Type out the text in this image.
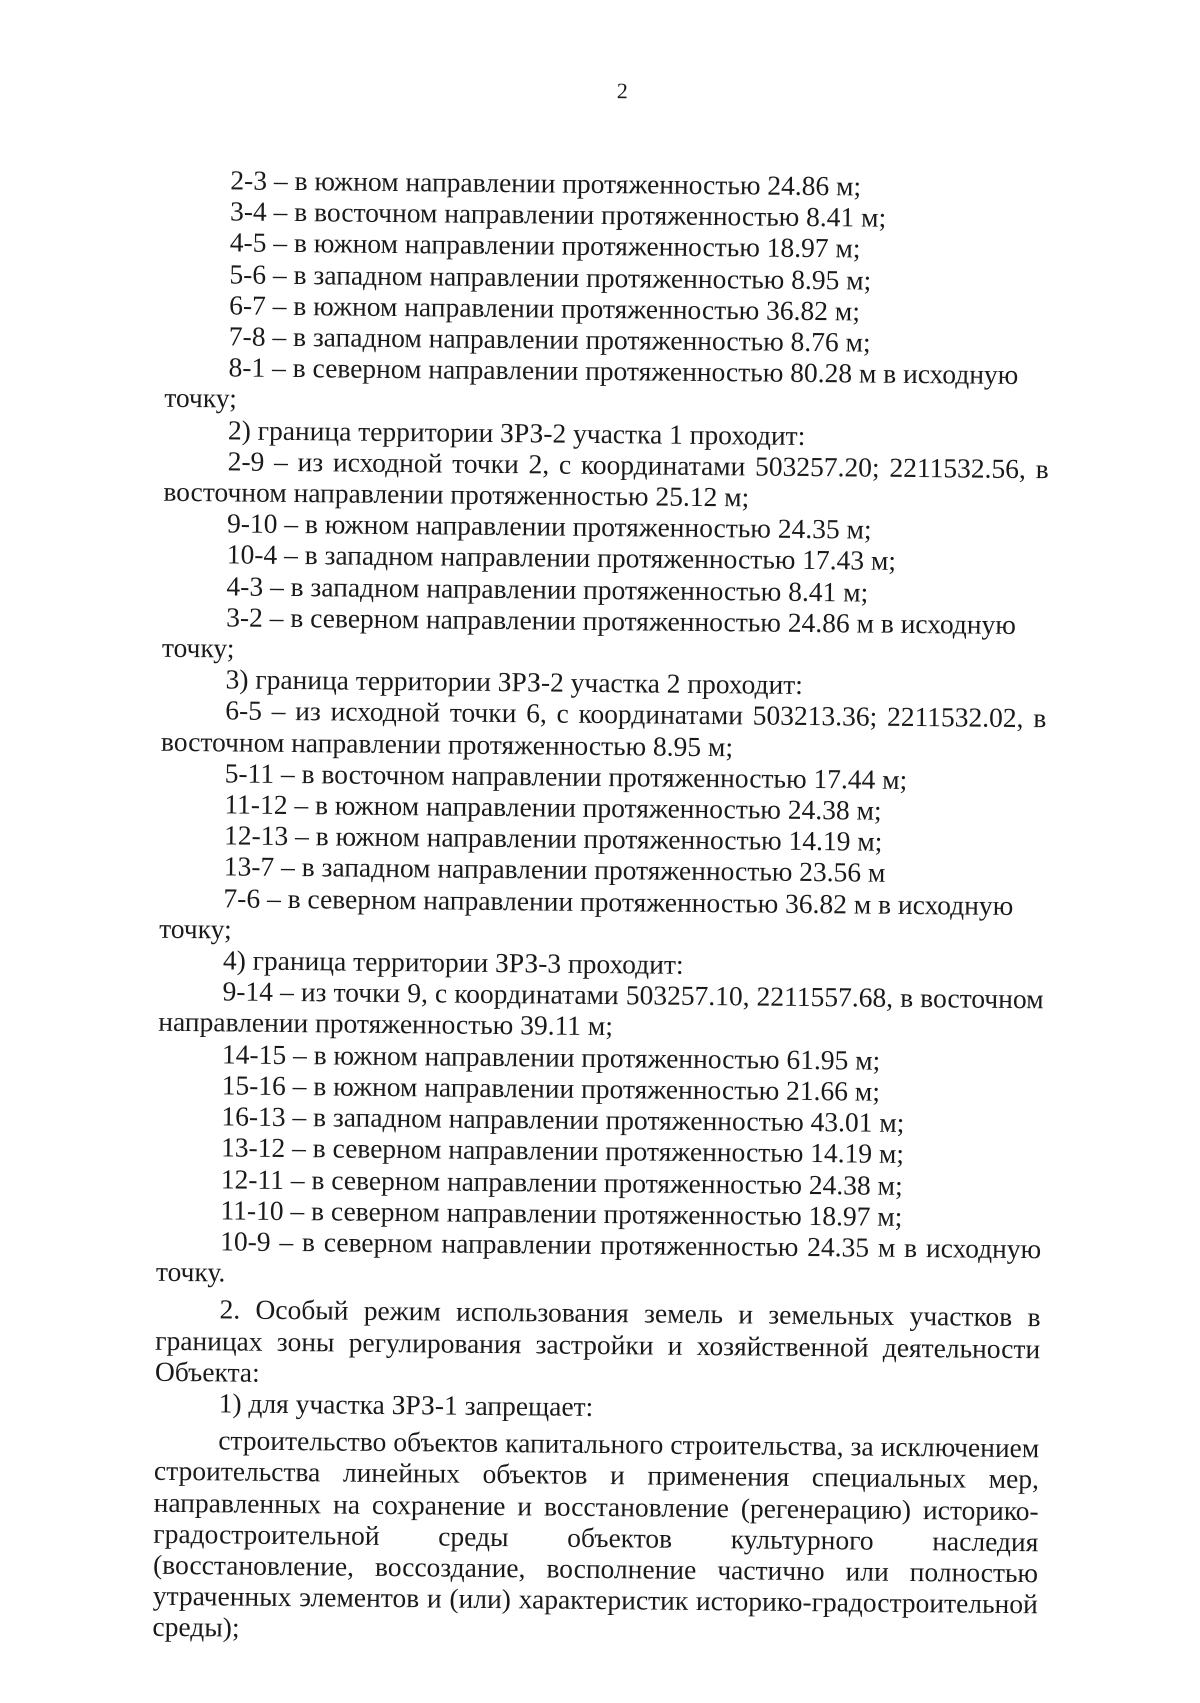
2

2-3 – в южном направлении протяженностью 24.86 м;

3-4 – в восточном направлении протяженностью 8.41 м;

4-5 – в южном направлении протяженностью 18.97 м;

5-6 – в западном направлении протяженностью 8.95 м;

6-7 – в южном направлении протяженностью 36.82 м;

7-8 – в западном направлении протяженностью 8.76 м;

8-1 – в северном направлении протяженностью 80.28 м в исходную точку;

2) граница территории ЗРЗ-2 участка 1 проходит:

2-9 – из исходной точки 2, с координатами 503257.20; 2211532.56, в восточном направлении протяженностью 25.12 м;

9-10 – в южном направлении протяженностью 24.35 м;

10-4 – в западном направлении протяженностью 17.43 м;

4-3 – в западном направлении протяженностью 8.41 м;

3-2 – в северном направлении протяженностью 24.86 м в исходную точку;

3) граница территории ЗРЗ-2 участка 2 проходит:

6-5 – из исходной точки 6, с координатами 503213.36; 2211532.02, в восточном направлении протяженностью 8.95 м;

5-11 – в восточном направлении протяженностью 17.44 м;

11-12 – в южном направлении протяженностью 24.38 м;

12-13 – в южном направлении протяженностью 14.19 м;

13-7 – в западном направлении протяженностью 23.56 м

7-6 – в северном направлении протяженностью 36.82 м в исходную точку;

4) граница территории ЗРЗ-3 проходит:

9-14 – из точки 9, с координатами 503257.10, 2211557.68, в восточном направлении протяженностью 39.11 м;

14-15 – в южном направлении протяженностью 61.95 м;

15-16 – в южном направлении протяженностью 21.66 м;

16-13 – в западном направлении протяженностью 43.01 м;

13-12 – в северном направлении протяженностью 14.19 м;

12-11 – в северном направлении протяженностью 24.38 м;

11-10 – в северном направлении протяженностью 18.97 м;

10-9 – в северном направлении протяженностью 24.35 м в исходную точку.

2. Особый режим использования земель и земельных участков в границах зоны регулирования застройки и хозяйственной деятельности Объекта:

1) для участка ЗРЗ-1 запрещает:

строительство объектов капитального строительства, за исключением строительства линейных объектов и применения специальных мер, направленных на сохранение и восстановление (регенерацию) историко-градостроительной среды объектов культурного наследия (восстановление, воссоздание, восполнение частично или полностью утраченных элементов и (или) характеристик историко-градостроительной среды);
